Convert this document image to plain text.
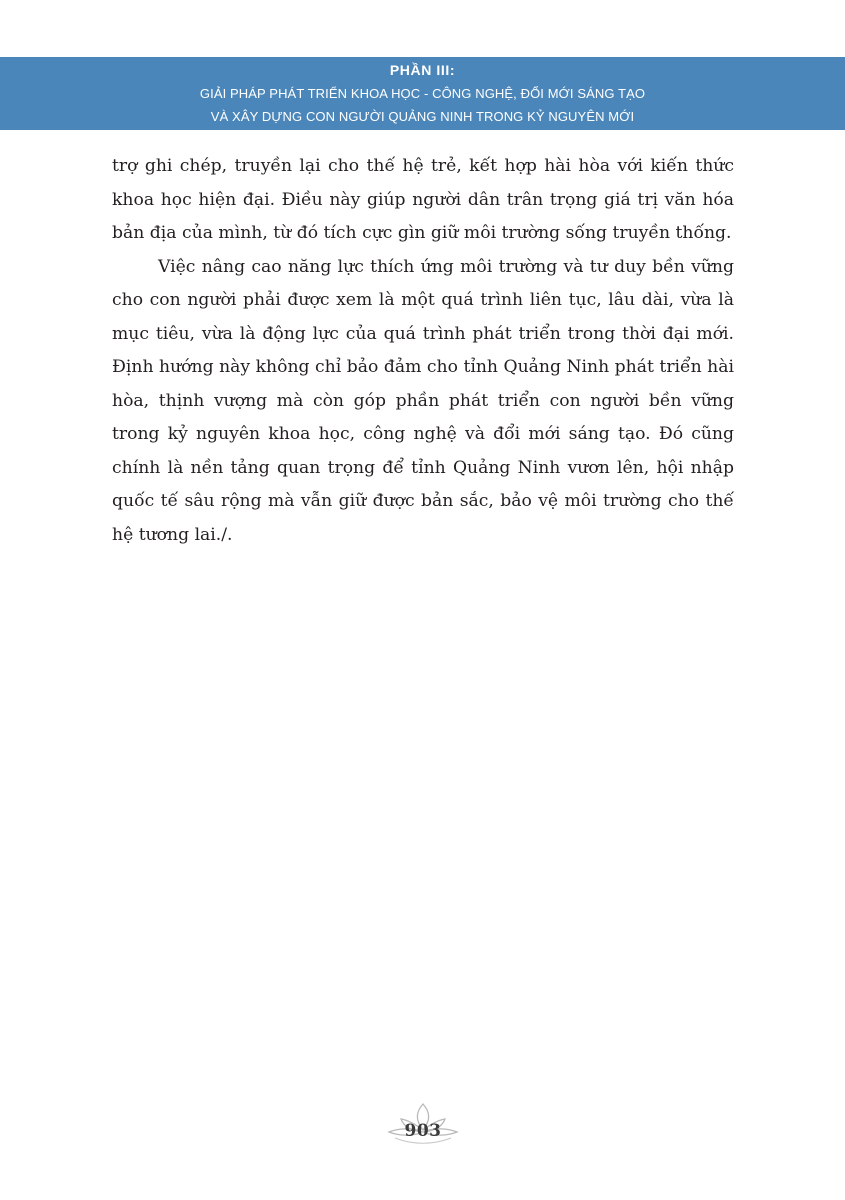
PHẦN III:
GIẢI PHÁP PHÁT TRIỂN KHOA HỌC - CÔNG NGHỆ, ĐỔI MỚI SÁNG TẠO
VÀ XÂY DỰNG CON NGƯỜI QUẢNG NINH TRONG KỶ NGUYÊN MỚI

trợ ghi chép, truyền lại cho thế hệ trẻ, kết hợp hài hòa với kiến thức khoa học hiện đại. Điều này giúp người dân trân trọng giá trị văn hóa bản địa của mình, từ đó tích cực gìn giữ môi trường sống truyền thống.

Việc nâng cao năng lực thích ứng môi trường và tư duy bền vững cho con người phải được xem là một quá trình liên tục, lâu dài, vừa là mục tiêu, vừa là động lực của quá trình phát triển trong thời đại mới. Định hướng này không chỉ bảo đảm cho tỉnh Quảng Ninh phát triển hài hòa, thịnh vượng mà còn góp phần phát triển con người bền vững trong kỷ nguyên khoa học, công nghệ và đổi mới sáng tạo. Đó cũng chính là nền tảng quan trọng để tỉnh Quảng Ninh vươn lên, hội nhập quốc tế sâu rộng mà vẫn giữ được bản sắc, bảo vệ môi trường cho thế hệ tương lai./.

903
